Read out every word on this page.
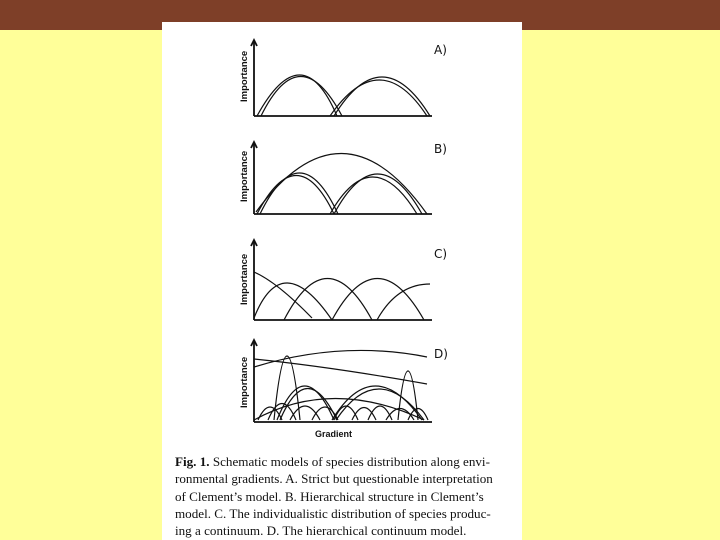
Importance
A)
Importance
B)
Importance	C)
Importance
D)
Gradient
Fig. 1. Schematic models of species distribution along envi-
ronmental gradients. A. Strict but questionable interpretation
of Clement’s model. B. Hierarchical structure in Clement’s
model. C. The individualistic distribution of species produc-
ing a continuum. D. The hierarchical continuum model.
